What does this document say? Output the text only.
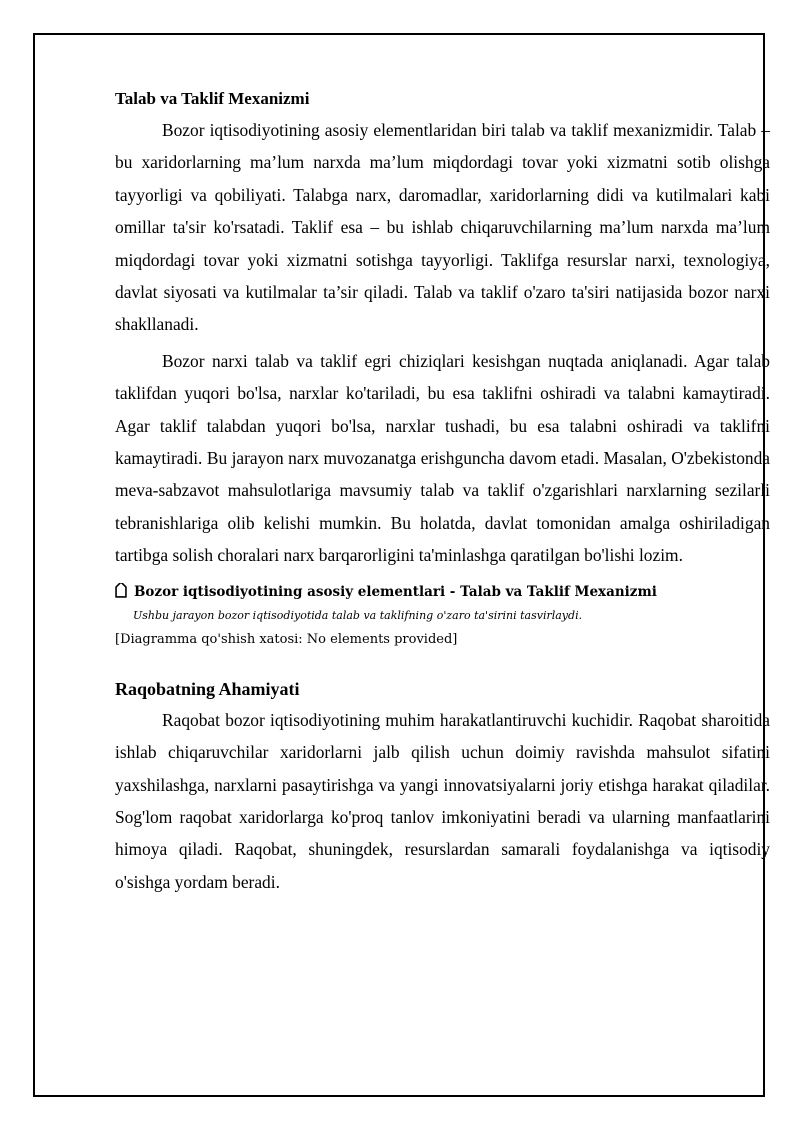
Talab va Taklif Mexanizmi

Bozor iqtisodiyotining asosiy elementlaridan biri talab va taklif mexanizmidir. Talab – bu xaridorlarning ma’lum narxda ma’lum miqdordagi tovar yoki xizmatni sotib olishga tayyorligi va qobiliyati. Talabga narx, daromadlar, xaridorlarning didi va kutilmalari kabi omillar ta'sir ko'rsatadi. Taklif esa – bu ishlab chiqaruvchilarning ma’lum narxda ma’lum miqdordagi tovar yoki xizmatni sotishga tayyorligi. Taklifga resurslar narxi, texnologiya, davlat siyosati va kutilmalar ta’sir qiladi. Talab va taklif o'zaro ta'siri natijasida bozor narxi shakllanadi.

Bozor narxi talab va taklif egri chiziqlari kesishgan nuqtada aniqlanadi. Agar talab taklifdan yuqori bo'lsa, narxlar ko'tariladi, bu esa taklifni oshiradi va talabni kamaytiradi. Agar taklif talabdan yuqori bo'lsa, narxlar tushadi, bu esa talabni oshiradi va taklifni kamaytiradi. Bu jarayon narx muvozanatga erishguncha davom etadi. Masalan, O'zbekistonda meva-sabzavot mahsulotlariga mavsumiy talab va taklif o'zgarishlari narxlarning sezilarli tebranishlariga olib kelishi mumkin. Bu holatda, davlat tomonidan amalga oshiriladigan tartibga solish choralari narx barqarorligini ta'minlashga qaratilgan bo'lishi lozim.

Bozor iqtisodiyotining asosiy elementlari - Talab va Taklif Mexanizmi
Ushbu jarayon bozor iqtisodiyotida talab va taklifning o'zaro ta'sirini tasvirlaydi.
[Diagramma qo'shish xatosi: No elements provided]
Raqobatning Ahamiyati

Raqobat bozor iqtisodiyotining muhim harakatlantiruvchi kuchidir. Raqobat sharoitida ishlab chiqaruvchilar xaridorlarni jalb qilish uchun doimiy ravishda mahsulot sifatini yaxshilashga, narxlarni pasaytirishga va yangi innovatsiyalarni joriy etishga harakat qiladilar. Sog'lom raqobat xaridorlarga ko'proq tanlov imkoniyatini beradi va ularning manfaatlarini himoya qiladi. Raqobat, shuningdek, resurslardan samarali foydalanishga va iqtisodiy o'sishga yordam beradi.
